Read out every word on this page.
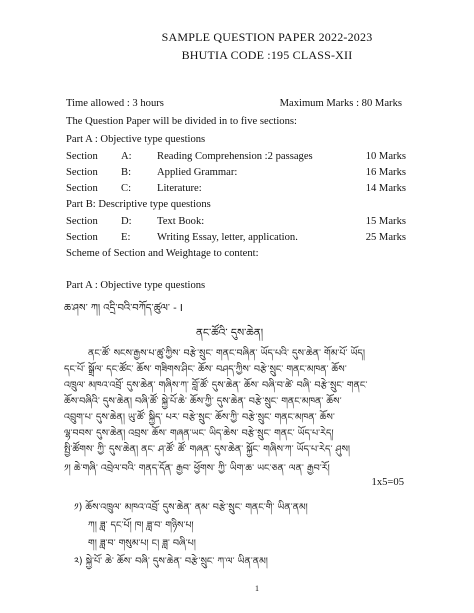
SAMPLE QUESTION PAPER 2022-2023
BHUTIA CODE :195 CLASS-XII
Time allowed : 3 hours	Maximum Marks : 80 Marks
The Question Paper will be divided in to five sections:
Part A : Objective type questions
Section A: Reading Comprehension :2 passages	10 Marks
Section B: Applied Grammar:	16 Marks
Section C: Literature:	14 Marks
Part B: Descriptive type questions
Section D: Text Book:	15 Marks
Section E:	Writing Essay, letter, application.	25 Marks
Scheme of Section and Weightage to content:
Part A : Objective type questions
ཆ་ཤས་ ཀ། འདྲི་བའི་བཀོད་ཚུལ་ - I
ནང་ཚོའི་ དུས་ཆེན།
ནང་ཚོ་ སངས་རྒྱས་པ་ཚུ་ཀྱིས་ བརྩེ་སྲུང་ གནང་བཞིན་ ཡོད་པའི་ དུས་ཆེན་ གོམ་པོ་ ཡོད།
དང་པོ་ སྒྲོལ་ དང་ཚོང་ ཆོས་ གཟིགས་ཤིང་ ཆོས་ བཤད་ཀྱིས་ བརྩེ་སྲུང་ གནང་མཁན་ ཆོས་
འཁྲུལ་ མཁའ་འབྲོ་ དུས་ཆེན་ གཞིས་ཀ་ བློ་ཚོ་ དུས་ཆེན་ ཆོས་ བཞི་བ་ཚེ་ བཞི་ བརྩེ་སྲུང་ གནང་
ཆོས་བཞིའི་ དུས་ཆེན། བཞི་ཚོ་ སྐྱེ་པོ་ཆེ་ ཆོས་ཀྱི་ དུས་ཆེན་ བརྩེ་སྲུང་ གནང་མཁན་ ཆོས་
འབྲུག་པ་ དུས་ཆེན། ཡུ་ཚོ་ སྐྱིད་ པར་ བརྩེ་སྲུང་ ཆོས་ཀྱི་ བརྩེ་སྲུང་ གནང་མཁན་ ཆོས་
ལྷ་བབས་ དུས་ཆེན། འབྲས་ ཆོས་ གཞན་ཡང་ ཡིད་ཆེས་ བརྩེ་སྲུང་ གནང་ ཡོད་པ་རེད།
སྤྱི་ཚོགས་ ཀྱི་ དུས་ཆེན། ནང་ ཤ་ཚོ་ ཚོ་ གཞན་ དུས་ཆེན་ སྐྱོང་ གཞིས་ཀ་ ཡོད་པ་རེད་ ཤུས།
༡། ཆེ་གཞི་ འབྲེལ་བའི་ གནད་དོན་ རྒྱབ་ ཕྱོགས་ ཀྱི་ ཡིག་ཆ་ ཡང་ཅན་ ལན་ རྒྱབ་རོ།
1x5=05
༡) ཆོས་འཁྲུལ་ མཁའ་འབྲོ་ དུས་ཆེན་ ནམ་ བརྩེ་སྲུང་ གནང་གི་ ཡིན་ནམ།
ཀ། ཟླ་ དང་པོ། ཁ། ཟླ་བ་ གཉིས་པ།
ག། ཟླ་བ་ གསུམ་པ། ང། ཟླ་ བཞི་པ།
༢) སྐྱེ་པོ་ ཆེ་ ཆོས་ བཞི་ དུས་ཆེན་ བརྩེ་སྲུང་ ཀ་ལ་ ཡིན་ནམ།
1
